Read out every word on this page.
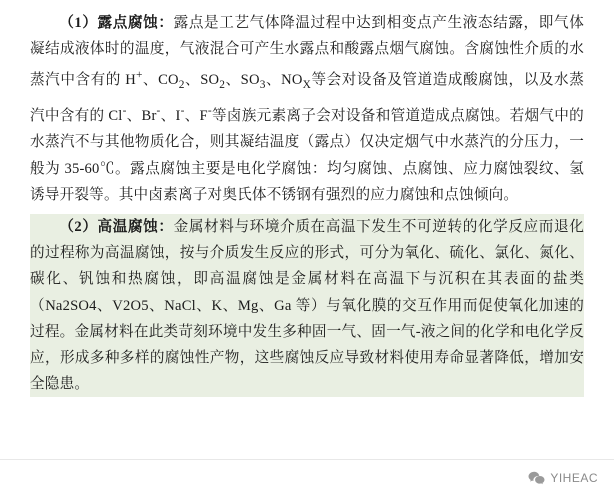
（1）露点腐蚀：露点是工艺气体降温过程中达到相变点产生液态结露，即气体凝结成液体时的温度，气液混合可产生水露点和酸露点烟气腐蚀。含腐蚀性介质的水蒸汽中含有的 H+、$CO_2$、$SO_2$、$SO_3$、$NO_X$等会对设备及管道造成酸腐蚀，以及水蒸汽中含有的 Cl-、Br-、I-、F-等卤族元素离子会对设备和管道造成点腐蚀。若烟气中的水蒸汽不与其他物质化合，则其凝结温度（露点）仅决定烟气中水蒸汽的分压力，一般为 35-60℃。露点腐蚀主要是电化学腐蚀：均匀腐蚀、点腐蚀、应力腐蚀裂纹、氢诱导开裂等。其中卤素离子对奥氏体不锈钢有强烈的应力腐蚀和点蚀倾向。

（2）高温腐蚀：金属材料与环境介质在高温下发生不可逆转的化学反应而退化的过程称为高温腐蚀，按与介质发生反应的形式，可分为氧化、硫化、氯化、氮化、碳化、钒蚀和热腐蚀，即高温腐蚀是金属材料在高温下与沉积在其表面的盐类（Na2SO4、V2O5、NaCl、K、Mg、Ga 等）与氧化膜的交互作用而促使氧化加速的过程。金属材料在此类苛刻环境中发生多种固一气、固一气-液之间的化学和电化学反应，形成多种多样的腐蚀性产物，这些腐蚀反应导致材料使用寿命显著降低，增加安全隐患。

YIHEAC
